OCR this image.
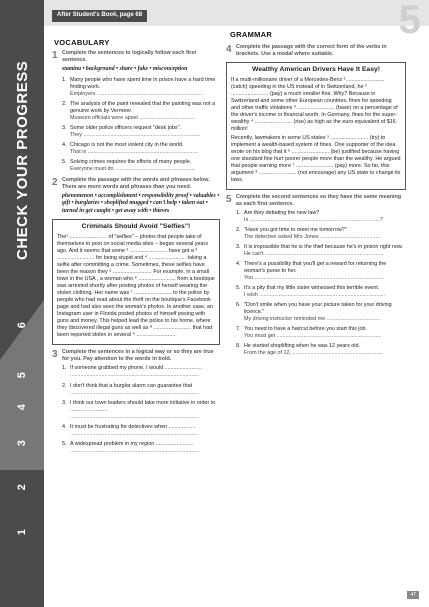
CHECK YOUR PROGRESS
6
5
4
3
2
1
After Student's Book, page 68	5
VOCABULARY
GRAMMAR
1 Complete the sentences to logically follow each first sentence.
stamina • background • share • fake • misconception
1. Many people who have spent time in prison have a hard time finding work.
Employers .......................................................................
2. The analysis of the paint revealed that the painting was not a genuine work by Vermeer.
Museum officials were upset .....................................
3. Some older police officers request "desk jobs".
They ..............................................................................
4. Chicago is not the most violent city in the world.
That is ..........................................................................
5. Solving crimes requires the efforts of many people.
Everyone must do ......................................................
2 Complete the passage with the words and phrases below. There are more words and phrases than you need.
phenomenon • accomplishment • responsibility proof • valuables • gift • burglaries • shoplifted mugged • can't help • taken out • turned in get caught • get away with • thieves
Criminals Should Avoid "Selfies"!
The¹ ......................... of "selfies" – photos that people take of themselves to post on social media sites – began several years ago. And it seems that some ² ......................... have got a ³ ......................... for being stupid and ⁴ ......................... taking a selfie after committing a crime. Sometimes, these selfies have been the reason they ⁵ .......................... For example, in a small town in the USA , a woman who ⁶ ......................... from a boutique was arrested shortly after posting photos of herself wearing the stolen clothing. Her name was ⁷ ......................... to the police by people who had read about the theft on the boutique's Facebook page and had also seen the woman's photos. In another case, an Instagram user in Florida posted photos of himself posing with guns and money. This helped lead the police to his home, where they discovered illegal guns as well as ⁸ ......................... that had been reported stolen in several ⁹ ..........................
3 Complete the sentences in a logical way or so they are true for you. Pay attention to the words in bold.
1. If someone grabbed my phone, I would .........................
......................................................................................
2. I don't think that a burglar alarm can guarantee that
......................................................................................
3. I think our town leaders should take more initiative in order to .........................
......................................................................................
4. It must be frustrating for detectives when ..................
......................................................................................
5. A widespread problem in my region .........................
......................................................................................
4 Complete the passage with the correct form of the verbs in brackets. Use a modal where suitable.
Wealthy American Drivers Have It Easy!
If a multi-millionaire driver of a Mercedes-Benz ¹ ......................... (catch) speeding in the US instead of in Switzerland, he ² ......................... (pay) a much smaller fine. Why? Because in Switzerland and some other European countries, fines for speeding and other traffic violations ³ ......................... (base) on a percentage of the driver's income or financial worth. In Germany, fines for the super-wealthy ⁴ ......................... (rise) as high as the euro equivalent of $16 million!
Recently, lawmakers in some US states ⁵ ......................... (try) to implement a wealth-based system of fines. One supporter of the idea wrote on his blog that it ⁶ ......................... (be) justified because having one standard fine hurt poorer people more than the wealthy. He argued that people earning more ⁷ ......................... (pay) more. So far, this argument ⁸ ......................... (not encourage) any US state to change its laws.
5 Complete the second sentences so they have the same meaning as each first sentence.
1. Are they debating the new law?
Is .......................................................................................?
2. "Have you got time to meet me tomorrow?"
The detective asked Mrs Jones ........................................
3. It is impossible that he is the thief because he's in prison right now.
He can't ...............................................................................
4. There's a possibility that you'll get a reward for returning the woman's purse to her.
You ......................................................................................
5. It's a pity that my little sister witnessed this terrible event.
I wish ....................................................................................
6. "Don't smile when you have your picture taken for your driving licence."
My driving instructor reminded me ....................................
7. You need to have a haircut before you start this job.
You must get ......................................................................
8. He started shoplifting when he was 12 years old.
From the age of 12, ............................................................
47
